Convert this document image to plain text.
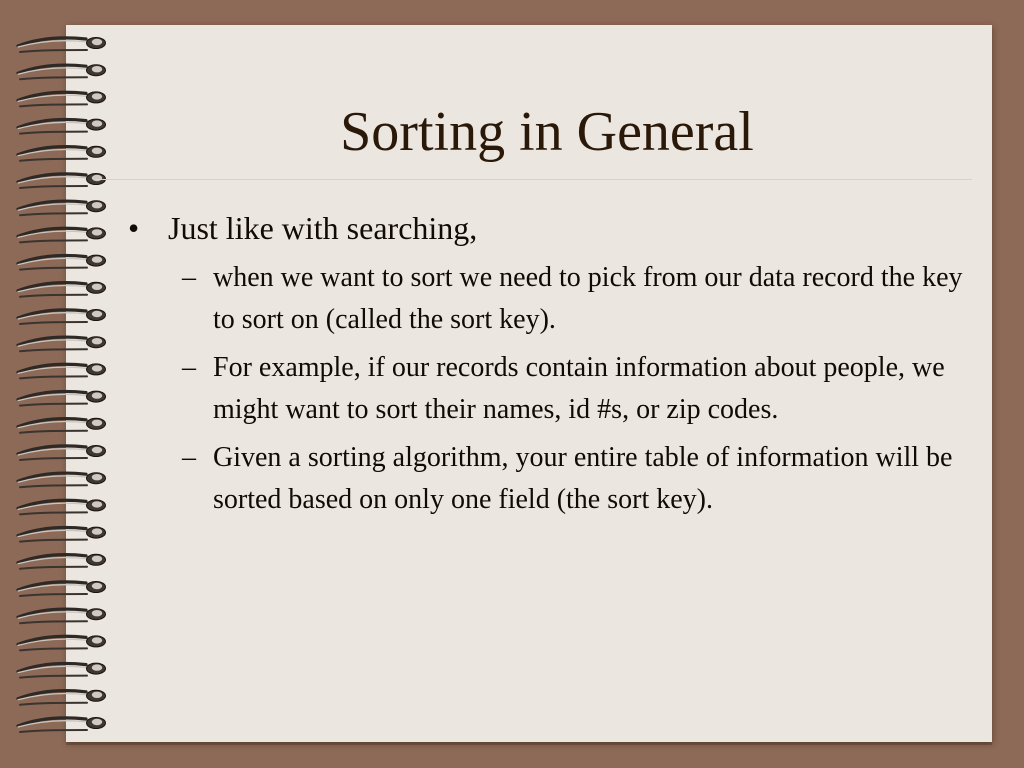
Sorting in General
• Just like with searching,
– when we want to sort we need to pick from our data record the key to sort on (called the sort key).
– For example, if our records contain information about people, we might want to sort their names, id #s, or zip codes.
– Given a sorting algorithm, your entire table of information will be sorted based on only one field (the sort key).
